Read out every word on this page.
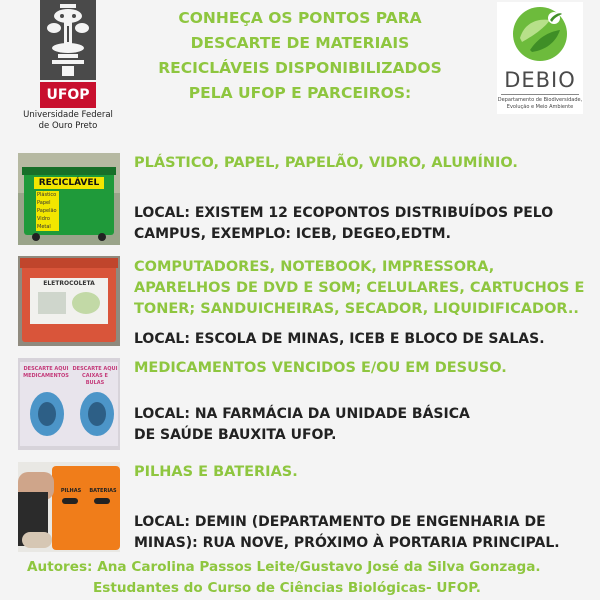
UFOP
Universidade Federal
de Ouro Preto
CONHEÇA OS PONTOS PARA
DESCARTE DE MATERIAIS
RECICLÁVEIS DISPONIBILIZADOS
PELA UFOP E PARCEIROS:
DEBIO
Departamento de Biodiversidade,
Evolução e Meio Ambiente
RECICLÁVEL
Plástico
Papel
Papelão
Vidro
Metal
PLÁSTICO, PAPEL, PAPELÃO, VIDRO, ALUMÍNIO.
LOCAL: EXISTEM 12 ECOPONTOS DISTRIBUÍDOS PELO
CAMPUS, EXEMPLO: ICEB, DEGEO,EDTM.
ELETROCOLETA
COMPUTADORES, NOTEBOOK, IMPRESSORA,
APARELHOS DE DVD E SOM; CELULARES, CARTUCHOS E
TONER; SANDUICHEIRAS, SECADOR, LIQUIDIFICADOR..
LOCAL: ESCOLA DE MINAS, ICEB E BLOCO DE SALAS.
DESCARTE AQUI
MEDICAMENTOS
DESCARTE AQUI
CAIXAS E BULAS
MEDICAMENTOS VENCIDOS E/OU EM DESUSO.
LOCAL: NA FARMÁCIA DA UNIDADE BÁSICA
DE SAÚDE BAUXITA UFOP.
PILHAS	BATERIAS
PILHAS E BATERIAS.
LOCAL: DEMIN (DEPARTAMENTO DE ENGENHARIA DE
MINAS): RUA NOVE, PRÓXIMO À PORTARIA PRINCIPAL.
Autores: Ana Carolina Passos Leite/Gustavo José da Silva Gonzaga.
Estudantes do Curso de Ciências Biológicas- UFOP.
